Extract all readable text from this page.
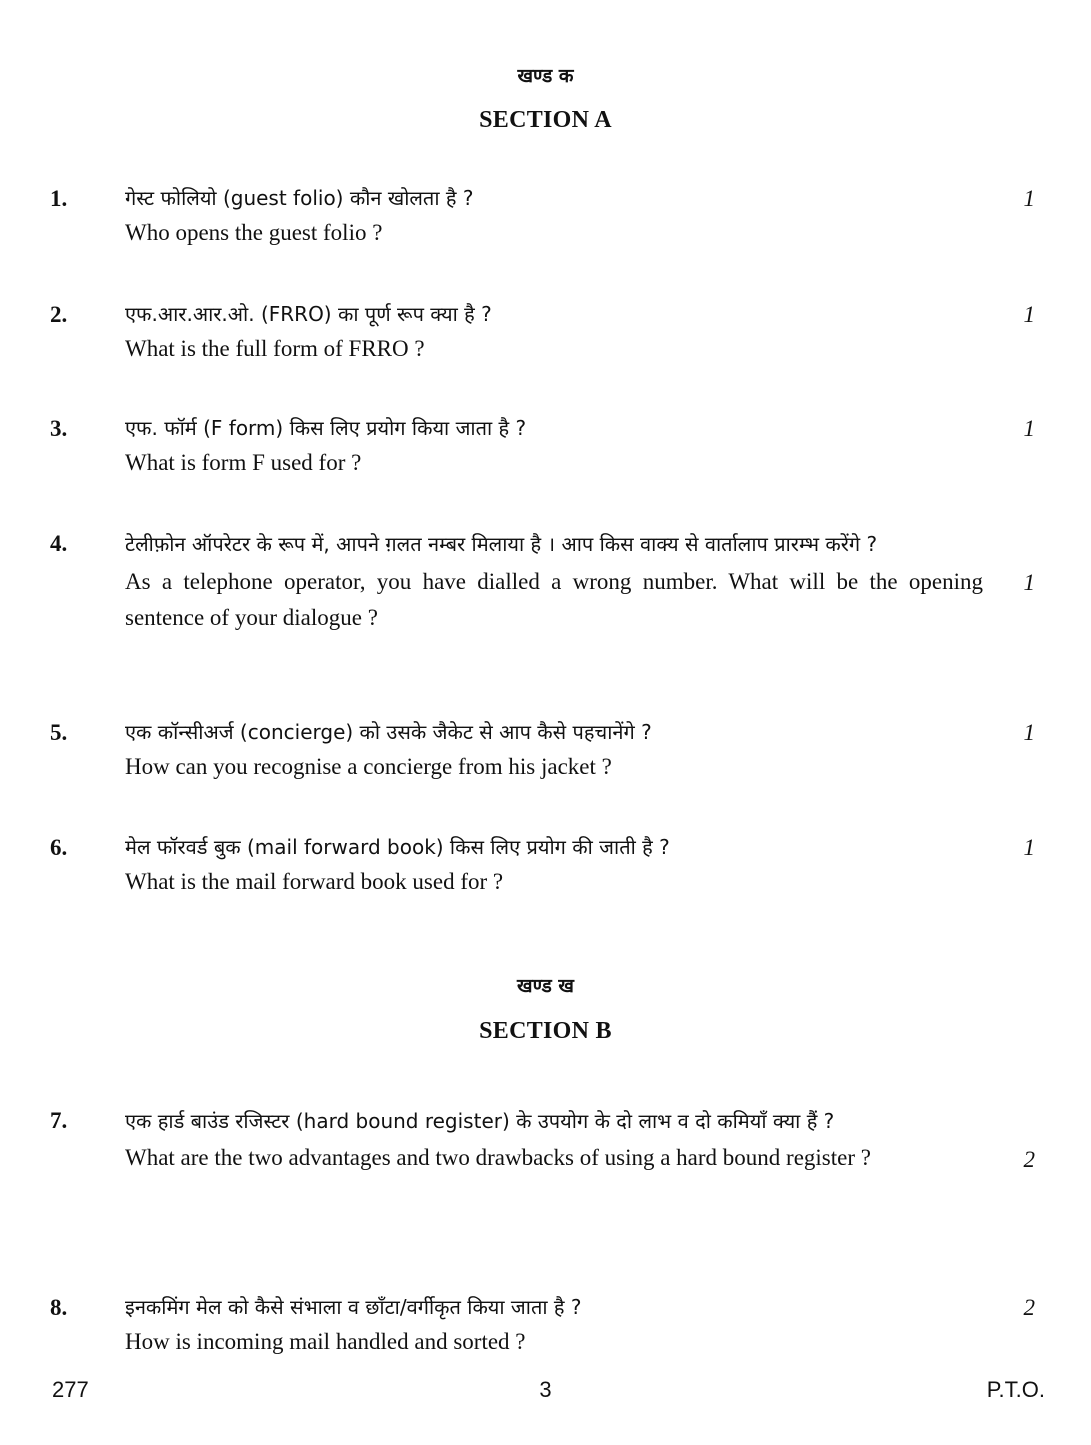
खण्ड क
SECTION A
1.	गेस्ट फोलियो (guest folio) कौन खोलता है ?

Who opens the guest folio ?

1
2.	एफ.आर.आर.ओ. (FRRO) का पूर्ण रूप क्या है ?

What is the full form of FRRO ?

1
3.	एफ. फॉर्म (F form) किस लिए प्रयोग किया जाता है ?

What is form F used for ?

1
4.	टेलीफ़ोन ऑपरेटर के रूप में, आपने ग़लत नम्बर मिलाया है । आप किस वाक्य से वार्तालाप प्रारम्भ करेंगे ?

As a telephone operator, you have dialled a wrong number. What will be the opening sentence of your dialogue ?

1
5.	एक कॉन्सीअर्ज (concierge) को उसके जैकेट से आप कैसे पहचानेंगे ?

How can you recognise a concierge from his jacket ?

1
6.	मेल फॉरवर्ड बुक (mail forward book) किस लिए प्रयोग की जाती है ?

What is the mail forward book used for ?

1
खण्ड ख
SECTION B
7.	एक हार्ड बाउंड रजिस्टर (hard bound register) के उपयोग के दो लाभ व दो कमियाँ क्या हैं ?

What are the two advantages and two drawbacks of using a hard bound register ?	2
8.	इनकमिंग मेल को कैसे संभाला व छाँटा/वर्गीकृत किया जाता है ?

How is incoming mail handled and sorted ?

2
277	3	P.T.O.
